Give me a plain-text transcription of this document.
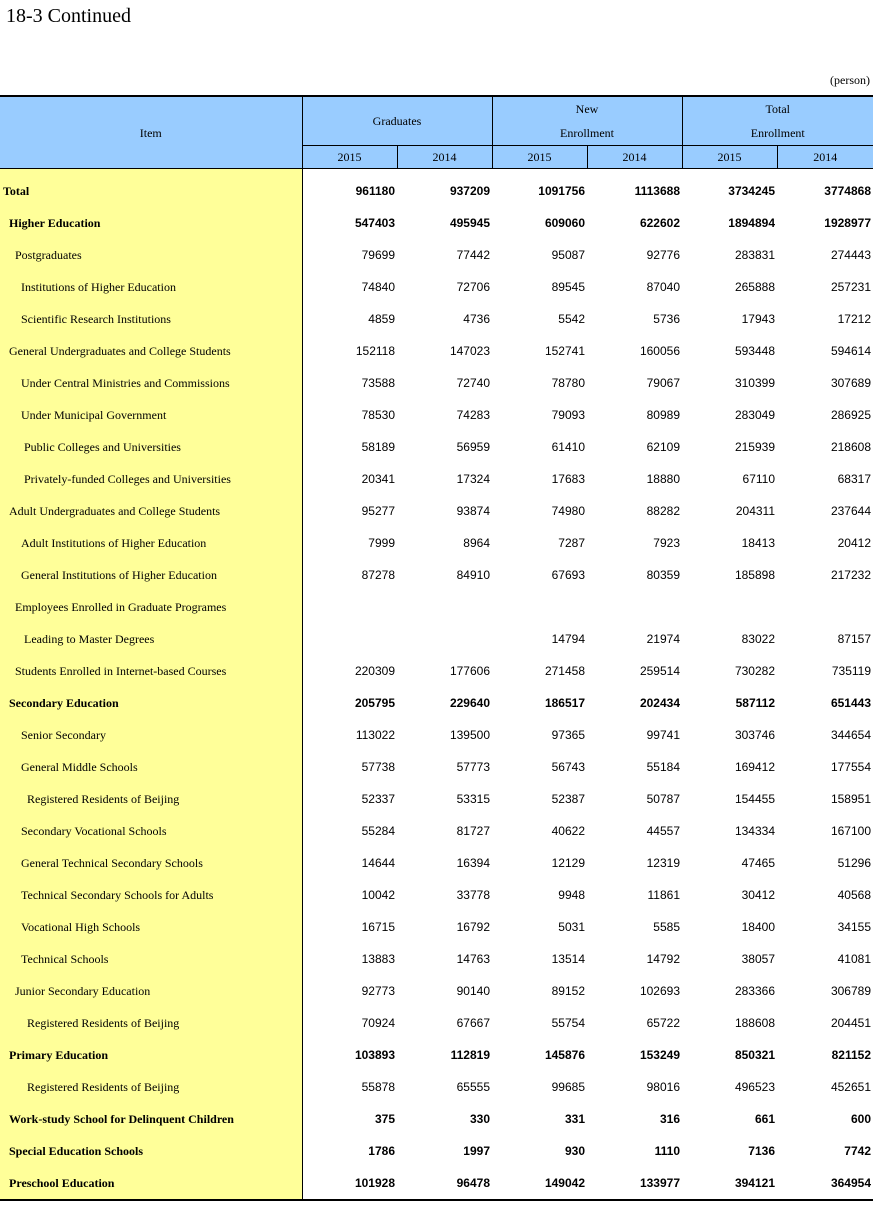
18-3 Continued
(person)
Item	Graduates		New
Enrollment		Total
Enrollment	
	2015	2014	2015	2014	2015	2014

Total	961180	937209	1091756	1113688	3734245	3774868
Higher Education	547403	495945	609060	622602	1894894	1928977
Postgraduates	79699	77442	95087	92776	283831	274443
Institutions of Higher Education	74840	72706	89545	87040	265888	257231
Scientific Research Institutions	4859	4736	5542	5736	17943	17212
General Undergraduates and College Students	152118	147023	152741	160056	593448	594614
Under Central Ministries and Commissions	73588	72740	78780	79067	310399	307689
Under Municipal Government	78530	74283	79093	80989	283049	286925
Public Colleges and Universities	58189	56959	61410	62109	215939	218608
Privately-funded Colleges and Universities	20341	17324	17683	18880	67110	68317
Adult Undergraduates and College Students	95277	93874	74980	88282	204311	237644
Adult Institutions of Higher Education	7999	8964	7287	7923	18413	20412
General Institutions of Higher Education	87278	84910	67693	80359	185898	217232
Employees Enrolled in Graduate Programes						
Leading to Master Degrees			14794	21974	83022	87157
Students Enrolled in Internet-based Courses	220309	177606	271458	259514	730282	735119
Secondary Education	205795	229640	186517	202434	587112	651443
Senior Secondary	113022	139500	97365	99741	303746	344654
General Middle Schools	57738	57773	56743	55184	169412	177554
Registered Residents of Beijing	52337	53315	52387	50787	154455	158951
Secondary Vocational Schools	55284	81727	40622	44557	134334	167100
General Technical Secondary Schools	14644	16394	12129	12319	47465	51296
Technical Secondary Schools for Adults	10042	33778	9948	11861	30412	40568
Vocational High Schools	16715	16792	5031	5585	18400	34155
Technical Schools	13883	14763	13514	14792	38057	41081
Junior Secondary Education	92773	90140	89152	102693	283366	306789
Registered Residents of Beijing	70924	67667	55754	65722	188608	204451
Primary Education	103893	112819	145876	153249	850321	821152
Registered Residents of Beijing	55878	65555	99685	98016	496523	452651
Work-study School for Delinquent Children	375	330	331	316	661	600
Special Education Schools	1786	1997	930	1110	7136	7742
Preschool Education	101928	96478	149042	133977	394121	364954
